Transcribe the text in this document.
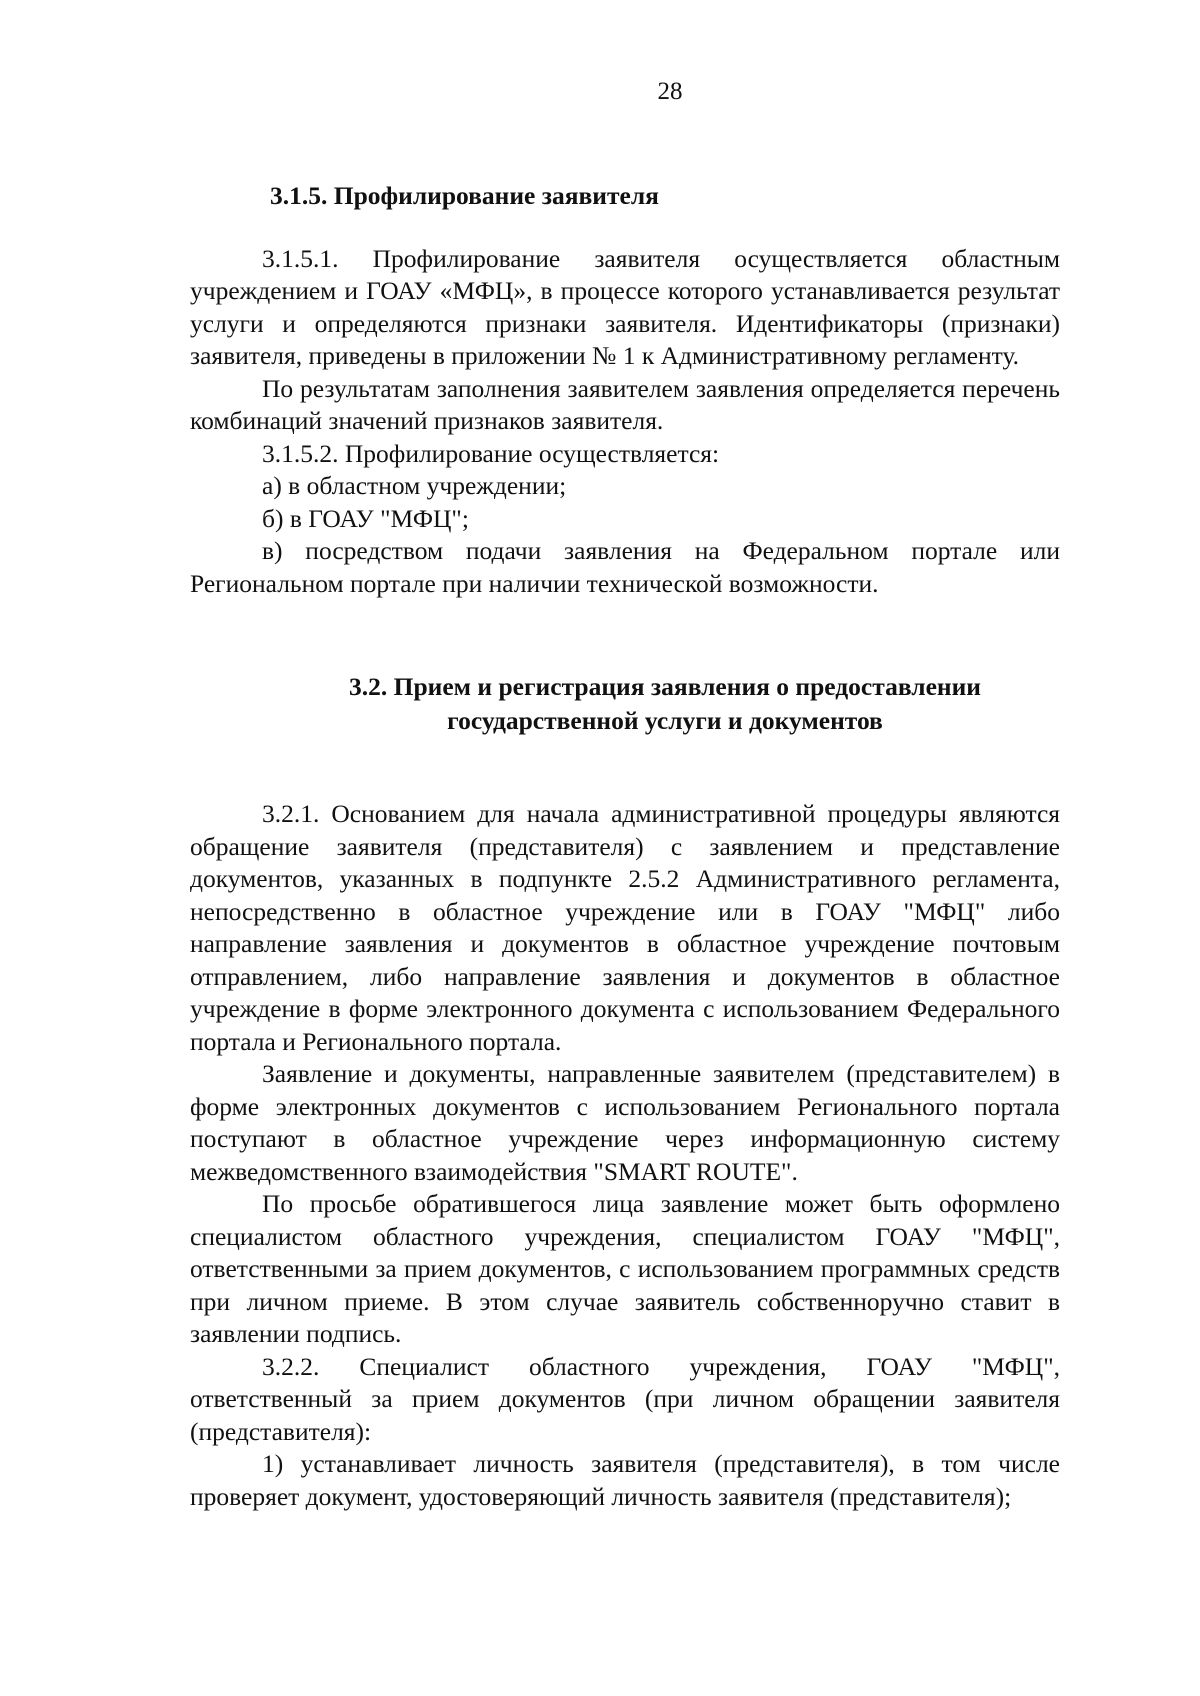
28
3.1.5. Профилирование заявителя

3.1.5.1. Профилирование заявителя осуществляется областным учреждением и ГОАУ «МФЦ», в процессе которого устанавливается результат услуги и определяются признаки заявителя. Идентификаторы (признаки) заявителя, приведены в приложении № 1 к Административному регламенту.

По результатам заполнения заявителем заявления определяется перечень комбинаций значений признаков заявителя.

3.1.5.2. Профилирование осуществляется:

а) в областном учреждении;

б) в ГОАУ "МФЦ";

в) посредством подачи заявления на Федеральном портале или Региональном портале при наличии технической возможности.

3.2. Прием и регистрация заявления о предоставлении
государственной услуги и документов

3.2.1. Основанием для начала административной процедуры являются обращение заявителя (представителя) с заявлением и представление документов, указанных в подпункте 2.5.2 Административного регламента, непосредственно в областное учреждение или в ГОАУ "МФЦ" либо направление заявления и документов в областное учреждение почтовым отправлением, либо направление заявления и документов в областное учреждение в форме электронного документа с использованием Федерального портала и Регионального портала.

Заявление и документы, направленные заявителем (представителем) в форме электронных документов с использованием Регионального портала поступают в областное учреждение через информационную систему межведомственного взаимодействия "SMART ROUTE".

По просьбе обратившегося лица заявление может быть оформлено специалистом областного учреждения, специалистом ГОАУ "МФЦ", ответственными за прием документов, с использованием программных средств при личном приеме. В этом случае заявитель собственноручно ставит в заявлении подпись.

3.2.2. Специалист областного учреждения, ГОАУ "МФЦ", ответственный за прием документов (при личном обращении заявителя (представителя):

1) устанавливает личность заявителя (представителя), в том числе проверяет документ, удостоверяющий личность заявителя (представителя);
